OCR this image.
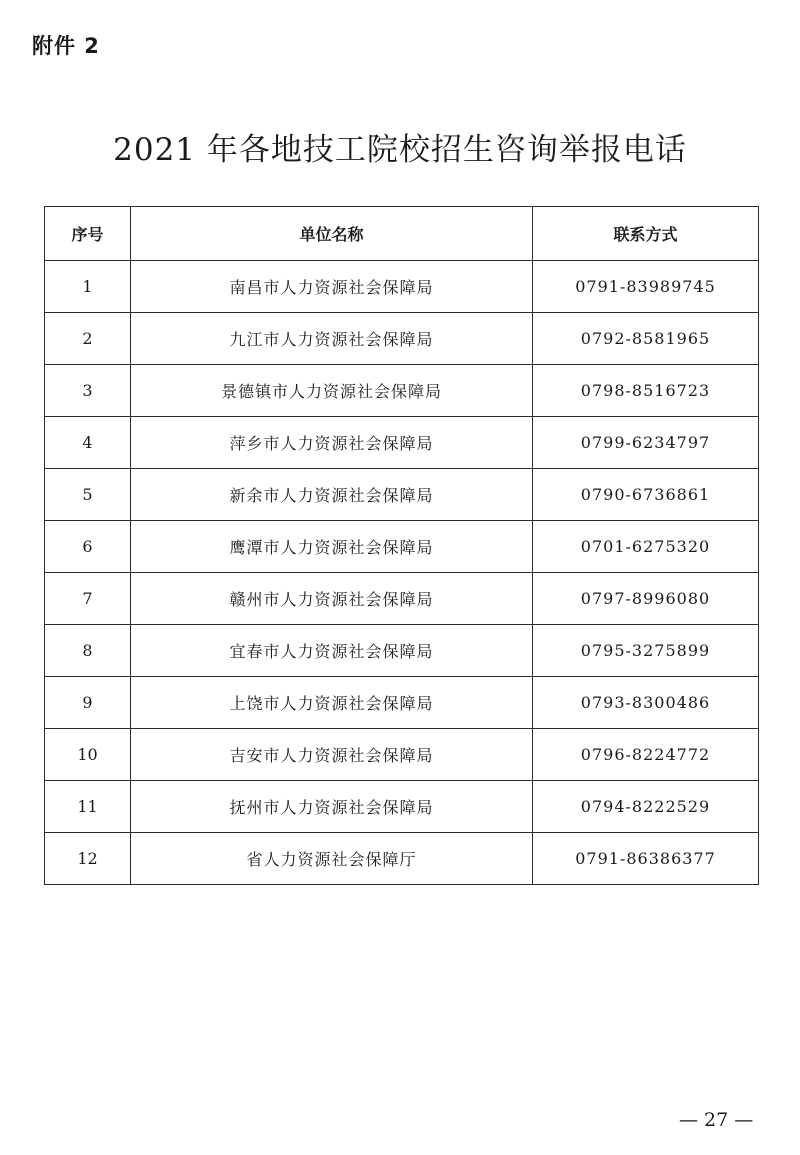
附件 2
2021 年各地技工院校招生咨询举报电话
序号	单位名称	联系方式
1	南昌市人力资源社会保障局	0791-83989745
2	九江市人力资源社会保障局	0792-8581965
3	景德镇市人力资源社会保障局	0798-8516723
4	萍乡市人力资源社会保障局	0799-6234797
5	新余市人力资源社会保障局	0790-6736861
6	鹰潭市人力资源社会保障局	0701-6275320
7	赣州市人力资源社会保障局	0797-8996080
8	宜春市人力资源社会保障局	0795-3275899
9	上饶市人力资源社会保障局	0793-8300486
10	吉安市人力资源社会保障局	0796-8224772
11	抚州市人力资源社会保障局	0794-8222529
12	省人力资源社会保障厅	0791-86386377
— 27 —
